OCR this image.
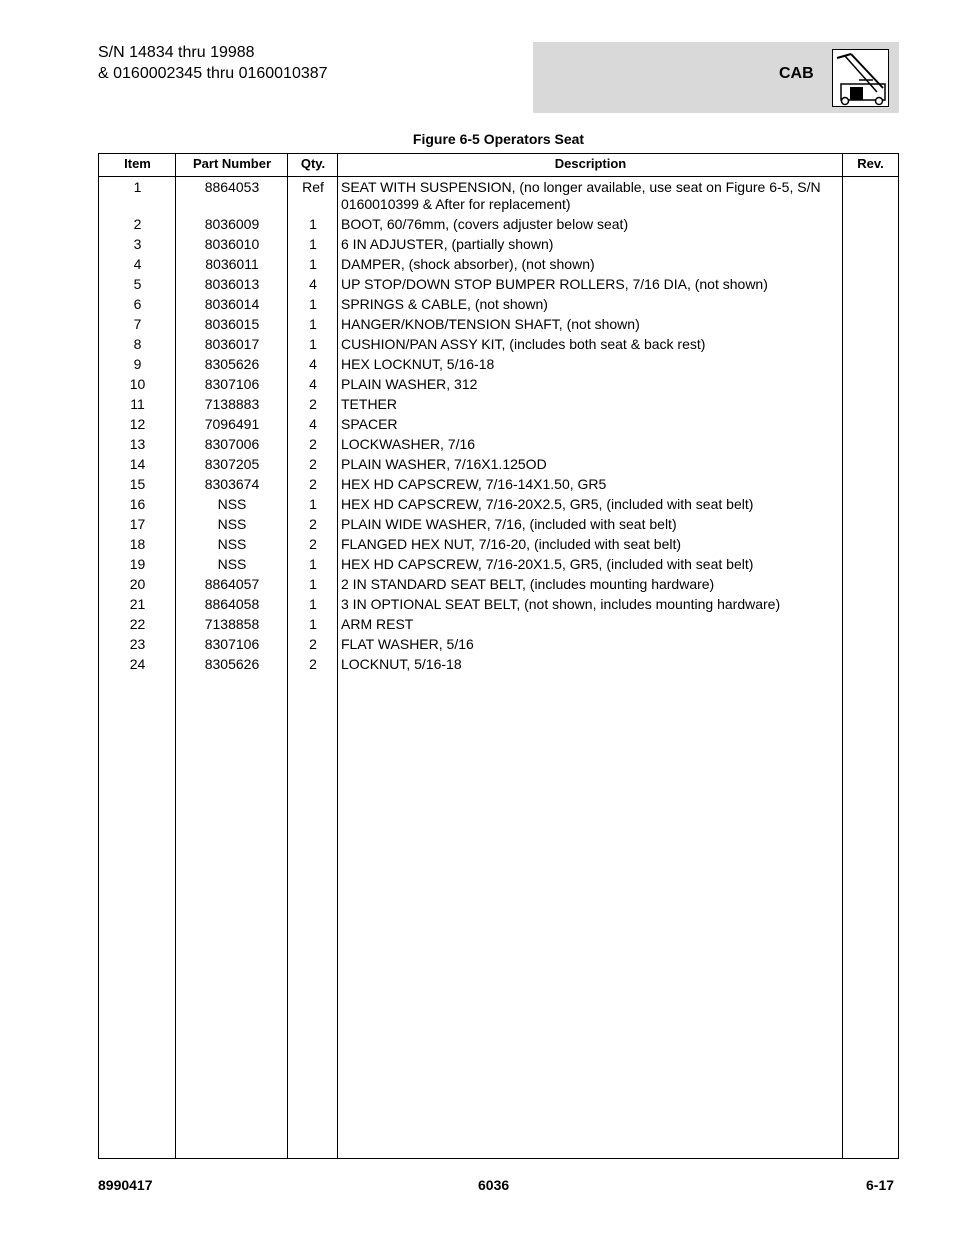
S/N 14834 thru 19988
& 0160002345 thru 0160010387	CAB
Figure 6-5 Operators Seat
Item	Part Number	Qty.	Description	Rev.
1	8864053	Ref	SEAT WITH SUSPENSION, (no longer available, use seat on Figure 6-5, S/N 0160010399 & After for replacement)
2	8036009	1	BOOT, 60/76mm, (covers adjuster below seat)
3	8036010	1	6 IN ADJUSTER, (partially shown)
4	8036011	1	DAMPER, (shock absorber), (not shown)
5	8036013	4	UP STOP/DOWN STOP BUMPER ROLLERS, 7/16 DIA, (not shown)
6	8036014	1	SPRINGS & CABLE, (not shown)
7	8036015	1	HANGER/KNOB/TENSION SHAFT, (not shown)
8	8036017	1	CUSHION/PAN ASSY KIT, (includes both seat & back rest)
9	8305626	4	HEX LOCKNUT, 5/16-18
10	8307106	4	PLAIN WASHER, 312
11	7138883	2	TETHER
12	7096491	4	SPACER
13	8307006	2	LOCKWASHER, 7/16
14	8307205	2	PLAIN WASHER, 7/16X1.125OD
15	8303674	2	HEX HD CAPSCREW, 7/16-14X1.50, GR5
16	NSS	1	HEX HD CAPSCREW, 7/16-20X2.5, GR5, (included with seat belt)
17	NSS	2	PLAIN WIDE WASHER, 7/16, (included with seat belt)
18	NSS	2	FLANGED HEX NUT, 7/16-20, (included with seat belt)
19	NSS	1	HEX HD CAPSCREW, 7/16-20X1.5, GR5, (included with seat belt)
20	8864057	1	2 IN STANDARD SEAT BELT, (includes mounting hardware)
21	8864058	1	3 IN OPTIONAL SEAT BELT, (not shown, includes mounting hardware)
22	7138858	1	ARM REST
23	8307106	2	FLAT WASHER, 5/16
24	8305626	2	LOCKNUT, 5/16-18
8990417	6036	6-17
